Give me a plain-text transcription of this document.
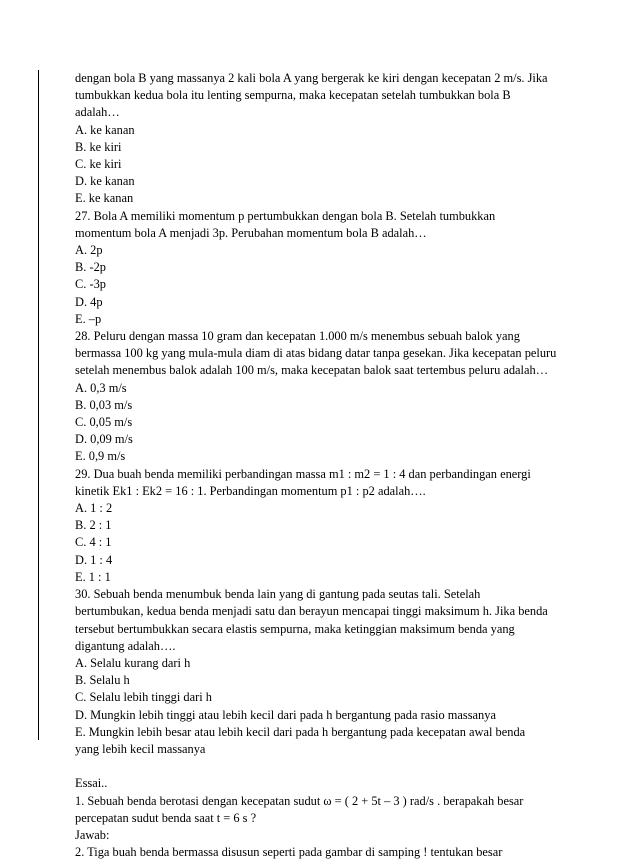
dengan bola B yang massanya 2 kali bola A yang bergerak ke kiri dengan kecepatan 2 m/s. Jika
tumbukkan kedua bola itu lenting sempurna, maka kecepatan setelah tumbukkan bola B
adalah…
A. ke kanan
B. ke kiri
C. ke kiri
D. ke kanan
E. ke kanan
27. Bola A memiliki momentum p pertumbukkan dengan bola B. Setelah tumbukkan
momentum bola A menjadi 3p. Perubahan momentum bola B adalah…
A. 2p
B. -2p
C. -3p
D. 4p
E. –p
28. Peluru dengan massa 10 gram dan kecepatan 1.000 m/s menembus sebuah balok yang
bermassa 100 kg yang mula-mula diam di atas bidang datar tanpa gesekan. Jika kecepatan peluru
setelah menembus balok adalah 100 m/s, maka kecepatan balok saat tertembus peluru adalah…
A. 0,3 m/s
B. 0,03 m/s
C. 0,05 m/s
D. 0,09 m/s
E. 0,9 m/s
29. Dua buah benda memiliki perbandingan massa m1 : m2 = 1 : 4 dan perbandingan energi
kinetik Ek1 : Ek2 = 16 : 1. Perbandingan momentum p1 : p2 adalah….
A. 1 : 2
B. 2 : 1
C. 4 : 1
D. 1 : 4
E. 1 : 1
30. Sebuah benda menumbuk benda lain yang di gantung pada seutas tali. Setelah
bertumbukan, kedua benda menjadi satu dan berayun mencapai tinggi maksimum h. Jika benda
tersebut bertumbukkan secara elastis sempurna, maka ketinggian maksimum benda yang
digantung adalah….
A. Selalu kurang dari h
B. Selalu h
C. Selalu lebih tinggi dari h
D. Mungkin lebih tinggi atau lebih kecil dari pada h bergantung pada rasio massanya
E. Mungkin lebih besar atau lebih kecil dari pada h bergantung pada kecepatan awal benda
yang lebih kecil massanya
Essai..
1. Sebuah benda berotasi dengan kecepatan sudut ω = ( 2 + 5t – 3 ) rad/s . berapakah besar
percepatan sudut benda saat t = 6 s ?
Jawab:
2. Tiga buah benda bermassa disusun seperti pada gambar di samping ! tentukan besar
